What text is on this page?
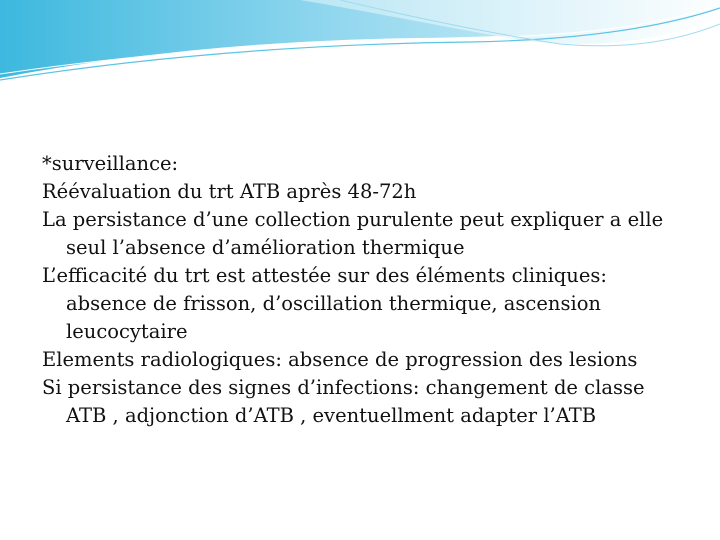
*surveillance:

Réévaluation du trt ATB après 48-72h

La persistance d’une collection purulente peut expliquer a elle seul l’absence d’amélioration thermique

L’efficacité du trt est attestée sur des éléments cliniques: absence de frisson, d’oscillation thermique, ascension leucocytaire

Elements radiologiques: absence de progression des lesions

Si persistance des signes d’infections: changement de classe ATB , adjonction d’ATB , eventuellment adapter l’ATB
